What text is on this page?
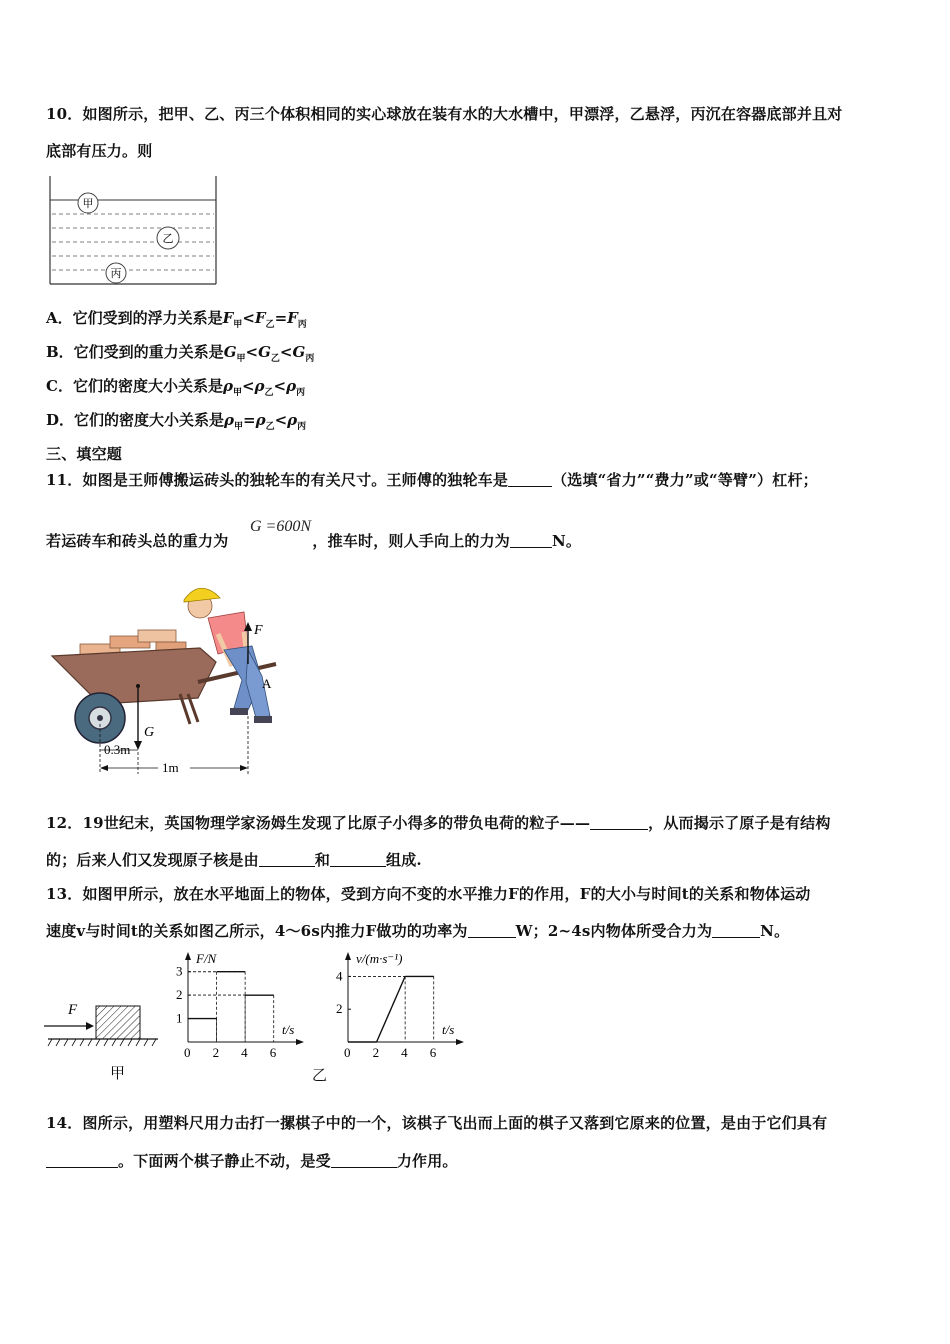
10．如图所示，把甲、乙、丙三个体积相同的实心球放在装有水的大水槽中，甲漂浮，乙悬浮，丙沉在容器底部并且对
底部有压力。则
甲
乙
丙
A．它们受到的浮力关系是$F_甲<F_乙=F_丙$
B．它们受到的重力关系是$G_甲<G_乙<G_丙$
C．它们的密度大小关系是$\rho_甲<\rho_乙<\rho_丙$
D．它们的密度大小关系是$\rho_甲=\rho_乙<\rho_丙$
三、填空题
11．如图是王师傅搬运砖头的独轮车的有关尺寸。王师傅的独轮车是	（选填“省力”“费力”或“等臂”）杠杆；
若运砖车和砖头总的重力为	，推车时，则人手向上的力为	N。
G =600N
F
A
G
0.3m
1m
12．19世纪末，英国物理学家汤姆生发现了比原子小得多的带负电荷的粒子——	，从而揭示了原子是有结构
的；后来人们又发现原子核是由	和	组成.
13．如图甲所示，放在水平地面上的物体，受到方向不变的水平推力F的作用，F的大小与时间t的关系和物体运动
速度v与时间t的关系如图乙所示，4～6s内推力F做功的功率为	W；2~4s内物体所受合力为	N。
F
甲
F/N
t/s
0 2 4 6
1
2
3
v/(m·s⁻¹)
t/s
0 2 4 6
2
4
乙
14．图所示，用塑料尺用力击打一摞棋子中的一个，该棋子飞出而上面的棋子又落到它原来的位置，是由于它们具有
。下面两个棋子静止不动，是受	力作用。
